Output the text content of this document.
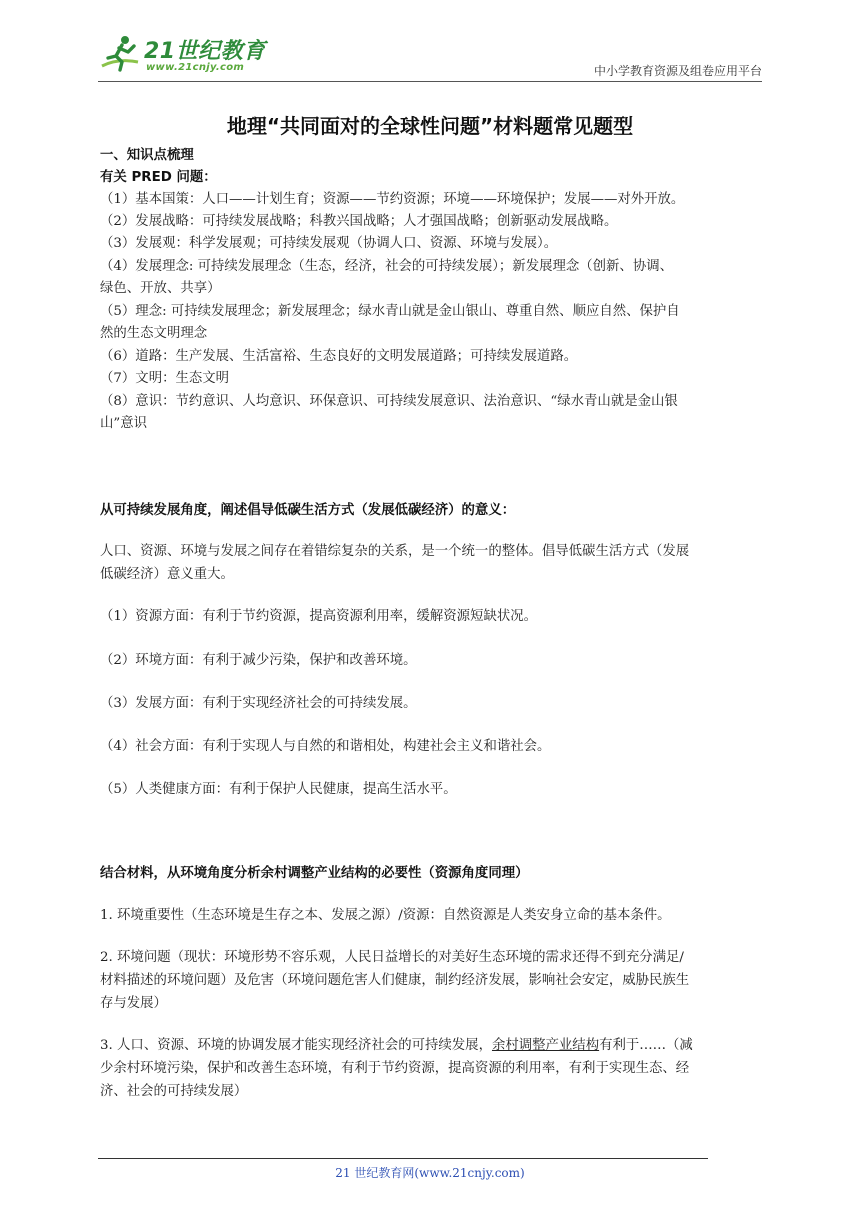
21世纪教育
www.21cnjy.com	中小学教育资源及组卷应用平台
地理“共同面对的全球性问题”材料题常见题型
一、知识点梳理
有关 PRED 问题：
（1）基本国策：人口——计划生育；资源——节约资源；环境——环境保护；发展——对外开放。
（2）发展战略：可持续发展战略；科教兴国战略；人才强国战略；创新驱动发展战略。
（3）发展观：科学发展观；可持续发展观（协调人口、资源、环境与发展）。
（4）发展理念: 可持续发展理念（生态，经济，社会的可持续发展）；新发展理念（创新、协调、
绿色、开放、共享）
（5）理念: 可持续发展理念；新发展理念；绿水青山就是金山银山、尊重自然、顺应自然、保护自
然的生态文明理念
（6）道路：生产发展、生活富裕、生态良好的文明发展道路；可持续发展道路。
（7）文明：生态文明
（8）意识：节约意识、人均意识、环保意识、可持续发展意识、法治意识、“绿水青山就是金山银
山”意识
从可持续发展角度，阐述倡导低碳生活方式（发展低碳经济）的意义：
人口、资源、环境与发展之间存在着错综复杂的关系，是一个统一的整体。倡导低碳生活方式（发展
低碳经济）意义重大。
（1）资源方面：有利于节约资源，提高资源利用率，缓解资源短缺状况。
（2）环境方面：有利于减少污染，保护和改善环境。
（3）发展方面：有利于实现经济社会的可持续发展。
（4）社会方面：有利于实现人与自然的和谐相处，构建社会主义和谐社会。
（5）人类健康方面：有利于保护人民健康，提高生活水平。
结合材料，从环境角度分析余村调整产业结构的必要性（资源角度同理）
1. 环境重要性（生态环境是生存之本、发展之源）/资源：自然资源是人类安身立命的基本条件。
2. 环境问题（现状：环境形势不容乐观，人民日益增长的对美好生态环境的需求还得不到充分满足/
材料描述的环境问题）及危害（环境问题危害人们健康，制约经济发展，影响社会安定，威胁民族生
存与发展）
3. 人口、资源、环境的协调发展才能实现经济社会的可持续发展，余村调整产业结构有利于……（减
少余村环境污染，保护和改善生态环境，有利于节约资源，提高资源的利用率，有利于实现生态、经
济、社会的可持续发展）
21 世纪教育网(www.21cnjy.com)
